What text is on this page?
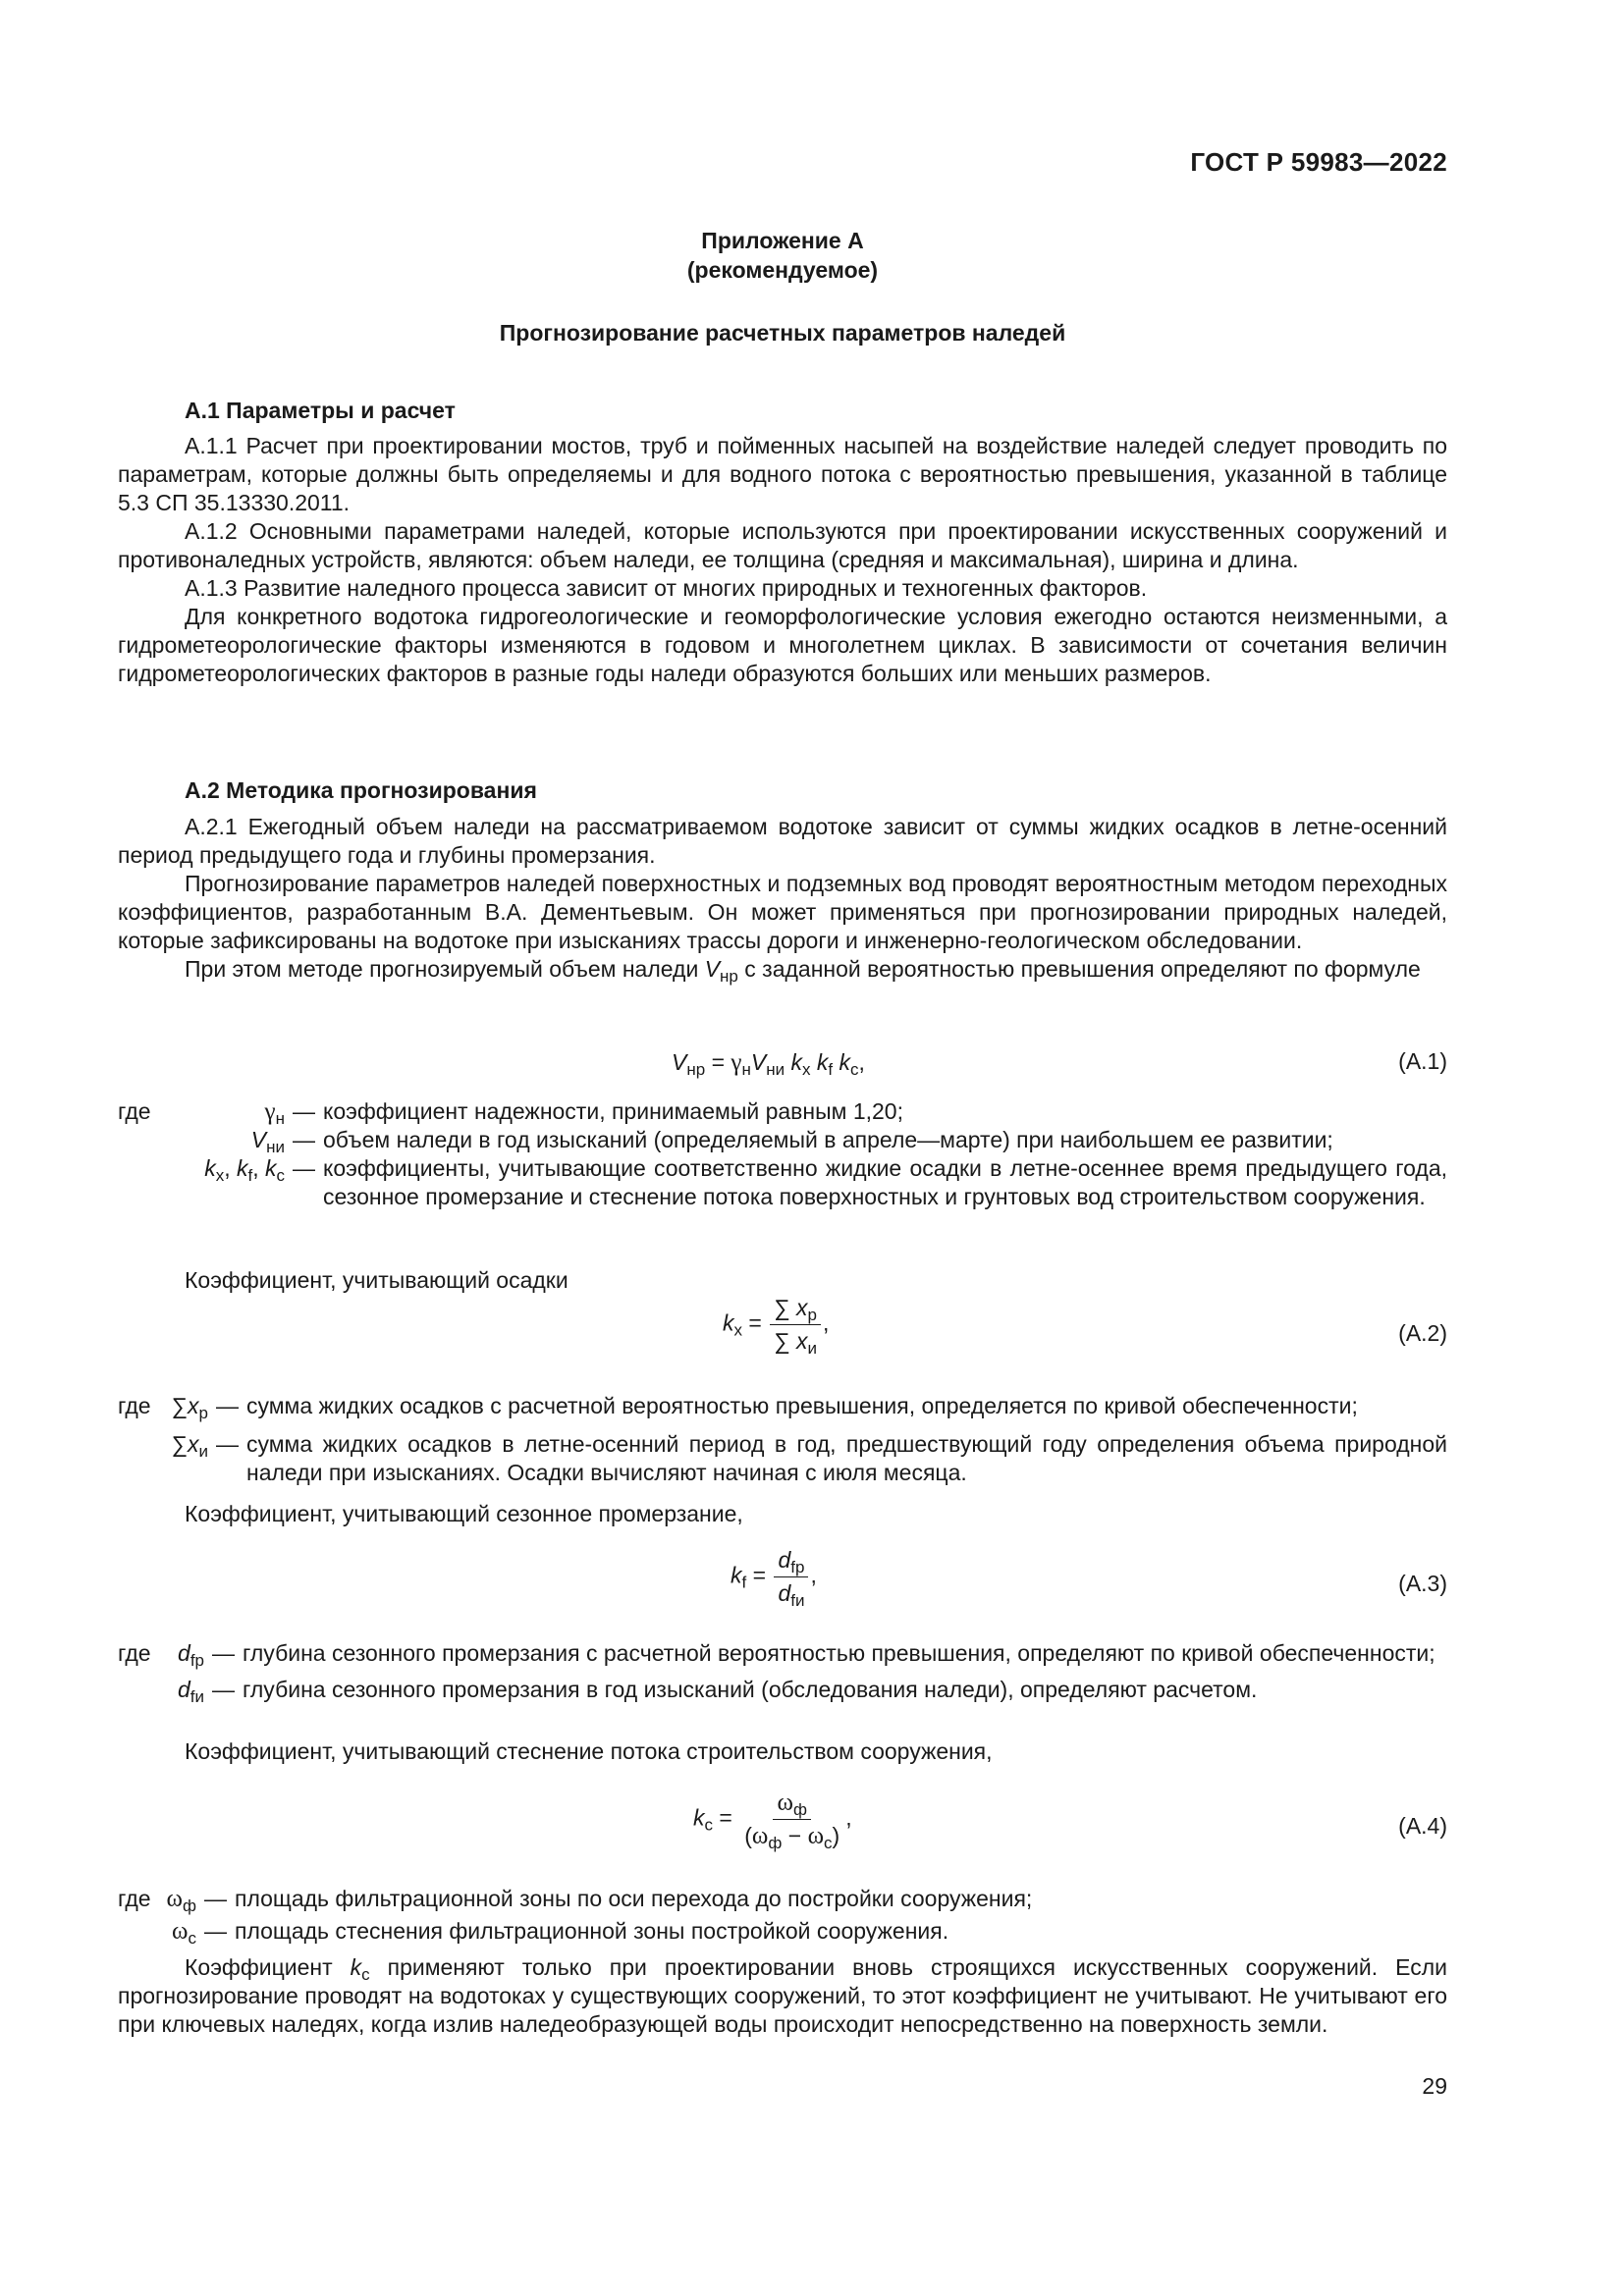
ГОСТ Р 59983—2022
Приложение А
(рекомендуемое)
Прогнозирование расчетных параметров наледей
А.1 Параметры и расчет

А.1.1 Расчет при проектировании мостов, труб и пойменных насыпей на воздействие наледей следует проводить по параметрам, которые должны быть определяемы и для водного потока с вероятностью превышения, указанной в таблице 5.3 СП 35.13330.2011.

А.1.2 Основными параметрами наледей, которые используются при проектировании искусственных сооружений и противоналедных устройств, являются: объем наледи, ее толщина (средняя и максимальная), ширина и длина.

А.1.3 Развитие наледного процесса зависит от многих природных и техногенных факторов.

Для конкретного водотока гидрогеологические и геоморфологические условия ежегодно остаются неизменными, а гидрометеорологические факторы изменяются в годовом и многолетнем циклах. В зависимости от сочетания величин гидрометеорологических факторов в разные годы наледи образуются больших или меньших размеров.

А.2 Методика прогнозирования

А.2.1 Ежегодный объем наледи на рассматриваемом водотоке зависит от суммы жидких осадков в летне-осенний период предыдущего года и глубины промерзания.

Прогнозирование параметров наледей поверхностных и подземных вод проводят вероятностным методом переходных коэффициентов, разработанным В.А. Дементьевым. Он может применяться при прогнозировании природных наледей, которые зафиксированы на водотоке при изысканиях трассы дороги и инженерно-геологическом обследовании.

При этом методе прогнозируемый объем наледи $V_{нр}$ с заданной вероятностью превышения определяют по формуле

$V_{нр} = \gamma_нV_{ни}$ $k_x$ $k_f$ $k_c$,	(А.1)
где	$\gamma_н$ — коэффициент надежности, принимаемый равным 1,20;
$V_{ни}$ — объем наледи в год изысканий (определяемый в апреле—марте) при наибольшем ее развитии;
$k_x$, $k_f$, $k_c$ — коэффициенты, учитывающие соответственно жидкие осадки в летне-осеннее время предыдущего года, сезонное промерзание и стеснение потока поверхностных и грунтовых вод строительством сооружения.

Коэффициент, учитывающий осадки

$k_x = \frac{\sum x_р}{\sum x_и}$ ,	(А.2)
где $\sum x_р$ — сумма жидких осадков с расчетной вероятностью превышения, определяется по кривой обеспеченности;
$\sum x_и$ — сумма жидких осадков в летне-осенний период в год, предшествующий году определения объема природной наледи при изысканиях. Осадки вычисляют начиная с июля месяца.

Коэффициент, учитывающий сезонное промерзание,

$k_f = \frac{d_{fр}}{d_{fи}}$ ,	(А.3)
где	$d_{fр}$ — глубина сезонного промерзания с расчетной вероятностью превышения, определяют по кривой обеспеченности;
$d_{fи}$ — глубина сезонного промерзания в год изысканий (обследования наледи), определяют расчетом.

Коэффициент, учитывающий стеснение потока строительством сооружения,

$k_c = \frac{\omega_ф}{(\omega_ф - \omega_c)}$ ,	(А.4)
где $\omega_ф$ — площадь фильтрационной зоны по оси перехода до постройки сооружения;
$\omega_c$ — площадь стеснения фильтрационной зоны постройкой сооружения.

Коэффициент $k_c$ применяют только при проектировании вновь строящихся искусственных сооружений. Если прогнозирование проводят на водотоках у существующих сооружений, то этот коэффициент не учитывают. Не учитывают его при ключевых наледях, когда излив наледеобразующей воды происходит непосредственно на поверхность земли.

29
